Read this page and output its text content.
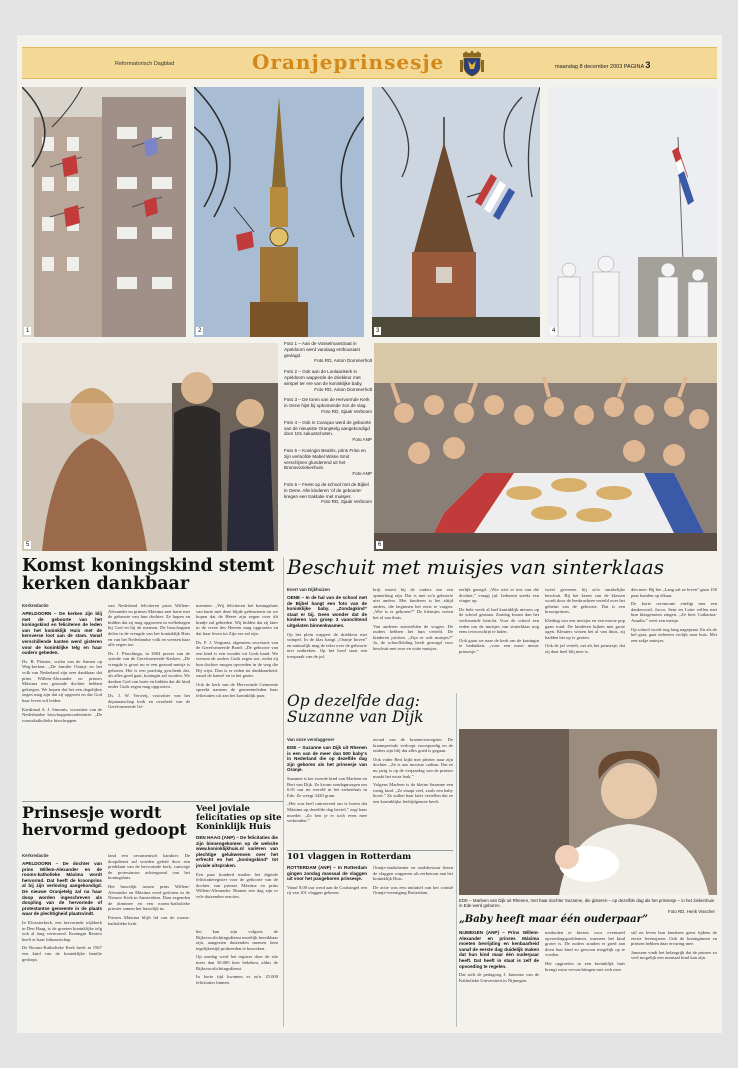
Reformatorisch Dagblad	Oranjeprinsesje	maandag 8 december 2003 PAGINA 3
1	2	3	4
5
Foto 1 – Aan de Vosselmanstraat in Apeldoorn werd vandaag enthousiast gevlagd.
Foto RD, Anton Dommerholt
Foto 2 – Ook aan de Loolaankerk in Apeldoorn wapperde de driekleur met wimpel ter ere van de koninklijke baby.
Foto RD, Anton Dommerholt
Foto 3 – De toren van de Hervormde Kerk in Oene hijst bij opkomende zon de vlag.
Foto RD, Sjaak Verboom
Foto 4 – Ook in Curaçao werd de geboorte van de nieuwste Oranjetelg aangekondigd door 101 saluutschoten.
Foto ANP
Foto 5 – Koningin Beatrix, prins Friso en zijn verloofde Mabel Wisse Smit verschijnen glunderend uit het Bronovoziekenhuis.
Foto ANP
Foto 6 – Feest op de school met de Bijbel in Oene. Alle kinderen 'of de geboorte' kregen een traktatie met muisjes.
Foto RD, Sjaak Verboom
6
Komst koningskind stemt kerken dankbaar
Kerkredactie

APELDOORN – De kerken zijn blij met de geboorte van het koningskind en feliciteren de leden van het koninklijk Huis met de kersverse loot aan de stam. Vanaf verschillende kanten werd gisteren voor de koninklijke telg en haar ouders gebeden.

Ds. B. Plaisier, scriba van de Samen op Weg-kerken: „De familie Oranje en het volk van Nederland zijn zeer dankbaar dat prins Willem-Alexander en prinses Máxima een gezonde dochter hebben gekregen. We hopen dat het een dagelijkse zegen mag zijn dat zij opgroeit en dat God haar leven wil leiden.

Kardinaal A. J. Simonis, voorzitter van de Nederlandse bisschoppenconferentie: „De roomskatholieke bisschoppen

van Nederland feliciteren prins Willem-Alexander en prinses Máxima met harte met de geboorte van hun dochter. Ze hopen en bidden dat zij mag opgroeien in welbehagen bij God en bij de mensen. De bisschoppen delen in de vreugde van het koninklijk Huis en van het Nederlandse volk en wensen haar alle zegen toe.

Ds. J. Plaschinga, in 2004 preses van de synode van de Gereformeerde Kerken: „De vreugde is groot nu er een gezond meisje is geboren. Het is een prachtig geschenk dat, als alles goed gaat, koningin zal worden. We danken God van harte en bidden dat dit kind onder Gods zegen mag opgroeien.

Ds. J. W. Verweij, voorzitter van het deputaatschap kerk en overheid van de Gereformeerde Ge-

meenten: „Wij feliciteren het koningshuis van harte met deze blijde gebeurtenis en we hopen dat de Heere zijn zegen over dit kindje zal gebieden. Wij bidden dat zij later in de vreze des Heeren mag opgroeien en dat haar leven tot Zijn eer zal zijn.

Ds. F. J. Vergunst, algemeen secretaris van de Gereformeerde Bond: „De geboorte van een kind is een wonder uit Gods hand. We wensen de ouders Gods zegen toe, zodat zij hun dochter mogen opvoeden in de weg die Hij wijst. Dan is er reden tot dankbaarheid, vanaf de kansel en in het gezin.

Ook de kerk van de Hervormde Gemeente spreekt namens de gemeenteleden haar felicitaties uit aan het koninklijk paar.

Beschuit met muisjes van sinterklaas
Evert van Dijkhuizen

OENE – In de hal van de school met de Bijbel hangt een foto van de koninklijke baby. „Zondagkind” staat er bij. Geen wonder dat de kinderen van groep 3 vanochtend uitgelaten binnenkwamen.

Op het plein wappert de driekleur met wimpel. In de klas hangt „Oranje boven” en natuurlijk mag de tekst over de geboorte niet ontbreken. Op het bord staat een toespraak van de juf.

krijt moest bij de ouders om een opmerking zijn. Dat is met zo'n geboorte niet anders. Met kinderen is het altijd anders, die beginnen het eerst te vragen. „Wie is er geboren?” De kleintjes weten het al van thuis.

Van anderen sneuvelden de vragen. De ouders hebben het hun verteld. De kinderen juichen. „Zijn er ook muisjes?” Ja, de schoolleiding heeft gezorgd voor beschuit met roze en witte muisjes.

eerlijk gezegd. „Wie wist er iets van die dochter,” vraagt juf. Iedereen steekt een vinger op.

De hele week al had koninklijk nieuws op de school gestaan. Zondag kwam dan het verlossende bericht. Voor de school een reden om de muisjes van sinterklaas nog eens tevoorschijn te halen.

Ook gaan we naar de kerk om de koningin te bedanken, „voor een mooi nieuw prinsesje.”

tweet gewezen bij zo'n smakelijke beschuit. Bij het keren van de klassen wordt door de leerkrachten verteld over het geheim van de geboorte. Dat is een kroonprinses.

Kleding van een meisjes en een mooie pop gaan rond. De kinderen kijken met grote ogen. Kleuters wisten het al van thuis, zij hadden het op tv gezien.

Ook de juf vertelt, net als het prinsesje, dat zij daar heel blij mee is.

den mee. Bij het „Lang zal ze leven” gaan 150 paar handen op elkaar.

De korte ceremonie eindigt met een dankwoord. Jacco, Sem en Lotte willen met hun klasgenoten zingen. „Ze heet Catharina-Amalia,” weet een meisje.

Op school wordt nog lang nagepraat. En als de bel gaat, gaat iedereen vrolijk naar huis. Met een zakje muisjes.

Op dezelfde dag: Suzanne van Dijk
Van onze verslaggever

EDE – Suzanne van Dijk uit Rhenen is een van de meer dan 500 baby's in Nederland die op dezelfde dag zijn geboren als het prinsesje van Oranje.

Suzanne is het tweede kind van Marleen en Bert van Dijk. Ze kwam zondagmorgen om 6.01 uur ter wereld in het ziekenhuis in Ede. Ze weegt 3420 gram.

„Het was heel ontroerend om te horen dat Máxima op dezelfde dag beviel,” zegt haar moeder. „Zo ben je er toch even mee verbonden.”

avond van de kraamverzorgster. De kraamperiode verloopt voorspoedig en de ouders zijn blij dat alles goed is gegaan.

Ook vader Bert kijkt met plezier naar zijn dochter. „Ze is ons mooiste cadeau. Dat ze nu jarig is op de verjaardag van de prinses maakt het extra leuk.”

Volgens Marleen is de kleine Suzanne een rustig kind. „Ze slaapt veel, zoals een baby hoort.” Ze zullen haar later vertellen dat ze een koninklijke leeftijdgenote heeft.

101 vlaggen in Rotterdam

ROTTERDAM (ANP) – In Rotterdam gingen zondag massaal de vlaggen uit voor het pasgeboren prinsesje.

Vanaf 8.00 uur werd aan de Coolsingel een rij van 101 vlaggen gehesen.

Oranje-stadstheater en stadsbestuur lieten de vlaggen wapperen als eerbetoon aan het koninklijk Huis.

De actie was een initiatief van het comité Oranje-vereniging Rotterdam.

EDE – Marleen van Dijk uit Rhenen, met haar dochter Suzanne, die gisteren – op dezelfde dag als het prinsesje – in het ziekenhuis in Ede werd geboren.
Foto RD, Henk Visscher
Prinsesje wordt hervormd gedoopt
Kerkredactie

APELDOORN – De dochter van prins Willem-Alexander en de rooms-katholieke Máxima wordt hervormd. Dat heeft de kroonprins al bij zijn verloving aangekondigd. De nieuwe Oranjetelg zal na haar doop worden ingeschreven als doopling van de hervormde of protestantse gemeente in de plaats waar de plechtigheid plaatsvindt.

In Kloosterkerk, een hervormde wijkkerk in Den Haag, is de groeten koninklijke telg ook al lang vertrouwd. Koningin Beatrix heeft er haar lidmaatschap.

De Rooms-Katholieke Kerk heeft in 1967 een kind van de koninklijke familie gedoopt.

land een oecumenisch karakter. De doopdienst zal worden geleid door een predikant van de hervormde kerk, vanwege de protestantse achtergrond van het koningshuis.

Het huwelijk tussen prins Willem-Alexander en Máxima werd gesloten in de Nieuwe Kerk in Amsterdam. Daar zegenden de dominee en een rooms-katholieke priester samen het huwelijk in.

Prinses Máxima blijft lid van de rooms-katholieke kerk.

Veel joviale felicitaties op site Koninklijk Huis

DEN HAAG (ANP) – De felicitaties die zijn binnengekomen op de website www.koninklijkhuis.nl variëren van plechtige gelukwensen over het erfrecht en het „koningskind” tot joviale uitspraken.

Een paar honderd mailen het digitale felicitatieregister voor de geboorte van de dochter van prinses Máxima en prins Willem-Alexander. Binnen een dag zijn er vele duizenden reacties.

het kan zijn volgens de Rijksvoorlichtingsdienst moeilijk bereikbaar zijn, aangezien duizenden mensen hem tegelijkertijd probeerden te bezoeken.

Op zondag werd het register door de site meer dan 50.000 keer bekeken, aldus de Rijksvoorlichtingsdienst.

In korte tijd kwamen er zo'n 25.000 felicitaties binnen.

„Baby heeft maar één ouderpaar”

NIJMEGEN (ANP) – Prins Willem-Alexander en prinses Máxima moeten bevrijding en kenbaarheid vanaf de eerste dag duidelijk maken dat hun kind maar één ouderpaar heeft. Dat heeft in staat is zelf de opvoeding te regelen.

Dat stelt de pedagoog J. Janssens van de Katholieke Universiteit in Nijmegen.

methoden te kiezen voor eventueel opvoedingsproblemen, wanneer het kind groter is. De ouders zouden er goed aan doen hun kind zo gewoon mogelijk op te voeden.

Het opgroeien in een koninklijk huis brengt extra verwachtingen met zich mee.

stil en leven hun kinderen geest tijdens de eerste levensjaren. Ook de koninginnen en prinsen hebben daar ervaring mee.

Janssens vindt het belangrijk dat de prinses zo veel mogelijk een normaal kind kan zijn.
